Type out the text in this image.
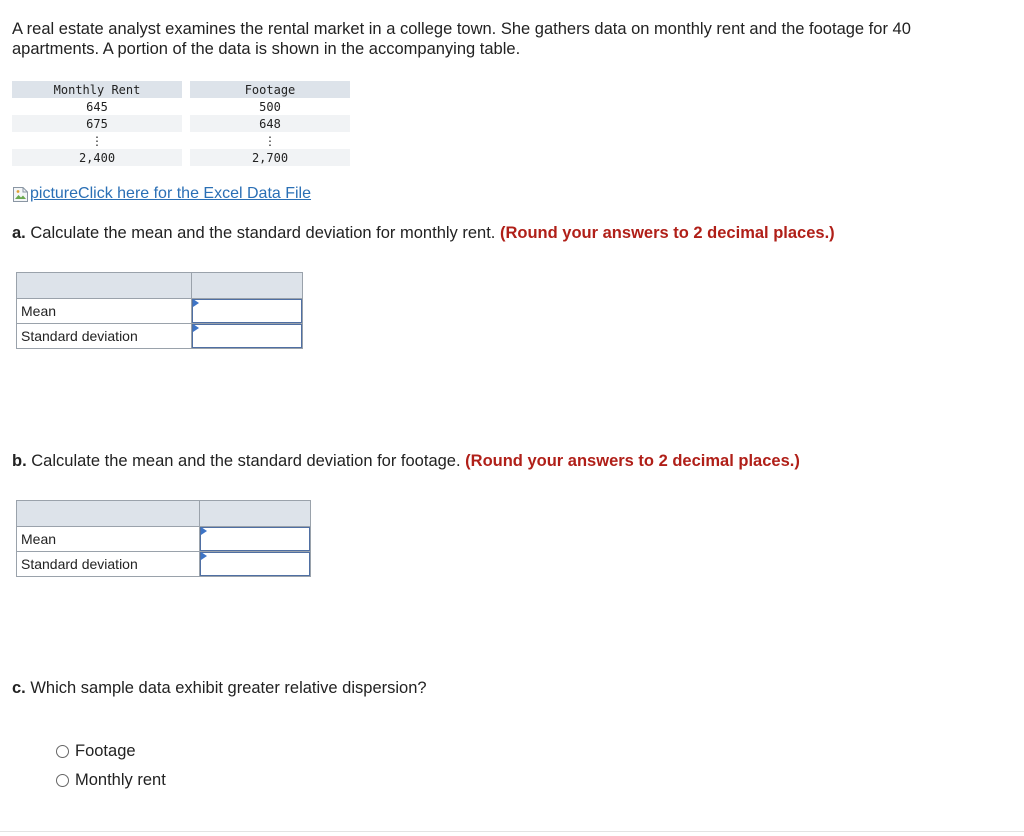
A real estate analyst examines the rental market in a college town. She gathers data on monthly rent and the footage for 40 apartments. A portion of the data is shown in the accompanying table.

Monthly Rent		Footage
645		500
675		648
⋮		⋮
2,400		2,700
picture Click here for the Excel Data File

a. Calculate the mean and the standard deviation for monthly rent. (Round your answers to 2 decimal places.)

Mean	

Standard deviation	

b. Calculate the mean and the standard deviation for footage. (Round your answers to 2 decimal places.)

Mean	

Standard deviation	

c. Which sample data exhibit greater relative dispersion?

Footage
Monthly rent
